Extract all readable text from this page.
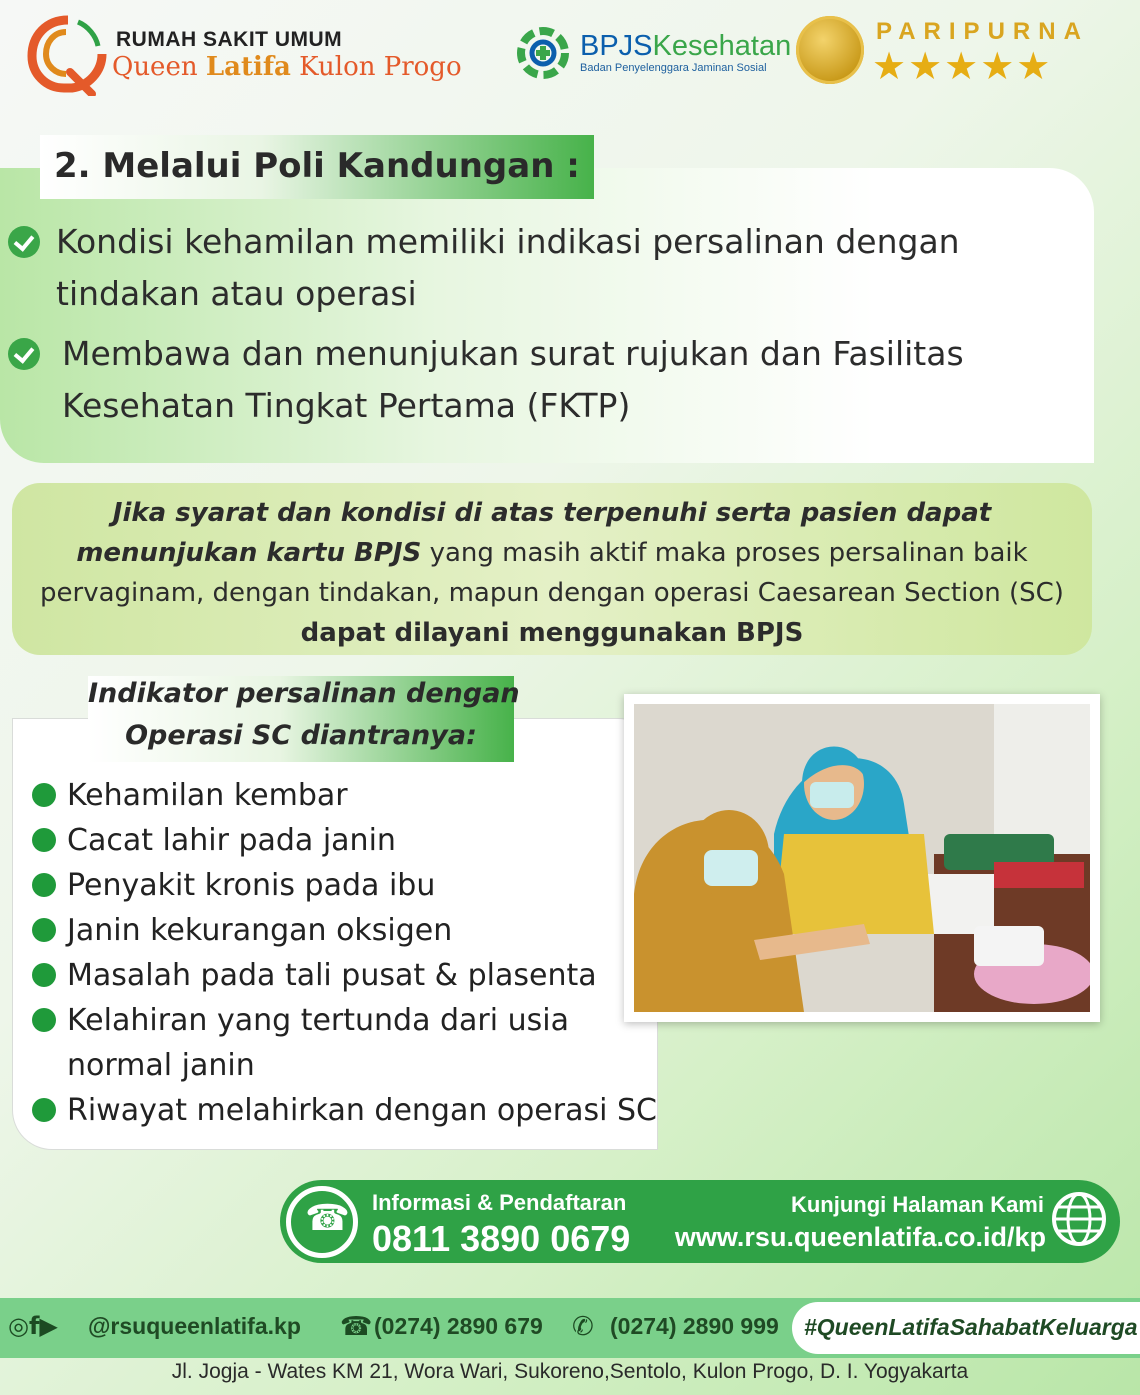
RUMAH SAKIT UMUM
Queen Latifa Kulon Progo
BPJSKesehatan
Badan Penyelenggara Jaminan Sosial
PARIPURNA
★★★★★
2. Melalui Poli Kandungan :
Kondisi kehamilan memiliki indikasi persalinan dengan
tindakan atau operasi
Membawa dan menunjukan surat rujukan dan Fasilitas
Kesehatan Tingkat Pertama (FKTP)
Jika syarat dan kondisi di atas terpenuhi serta pasien dapat menunjukan kartu BPJS yang masih aktif maka proses persalinan baik pervaginam, dengan tindakan, mapun dengan operasi Caesarean Section (SC) dapat dilayani menggunakan BPJS
Indikator persalinan dengan
Operasi SC diantranya:
Kehamilan kembar
Cacat lahir pada janin
Penyakit kronis pada ibu
Janin kekurangan oksigen
Masalah pada tali pusat & plasenta
Kelahiran yang tertunda dari usia
normal janin
Riwayat melahirkan dengan operasi SC
☎
Informasi & Pendaftaran
0811 3890 0679
Kunjungi Halaman Kami
www.rsu.queenlatifa.co.id/kp
◎f▶ @rsuqueenlatifa.kp ☎ (0274) 2890 679 ✆ (0274) 2890 999 #QueenLatifaSahabatKeluarga
Jl. Jogja - Wates KM 21, Wora Wari, Sukoreno,Sentolo, Kulon Progo, D. I. Yogyakarta
